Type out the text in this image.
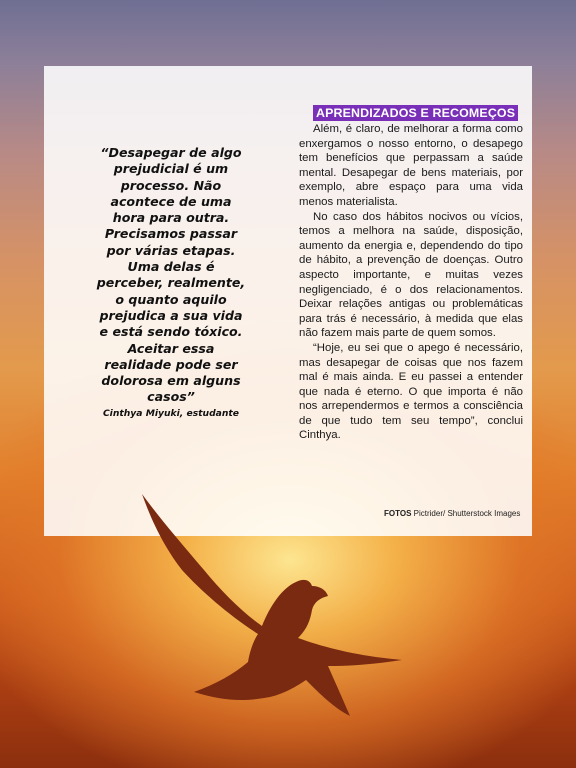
“Desapegar de algo prejudicial é um processo. Não acontece de uma hora para outra. Precisamos passar por várias etapas. Uma delas é perceber, realmente, o quanto aquilo prejudica a sua vida e está sendo tóxico. Aceitar essa realidade pode ser dolorosa em alguns casos”

Cinthya Miyuki, estudante

APRENDIZADOS E RECOMEÇOS

Além, é claro, de melhorar a forma como enxergamos o nosso entorno, o desapego tem benefícios que perpassam a saúde mental. Desapegar de bens materiais, por exemplo, abre espaço para uma vida menos materialista.

No caso dos hábitos nocivos ou vícios, temos a melhora na saúde, disposição, aumento da energia e, dependendo do tipo de hábito, a prevenção de doenças. Outro aspecto importante, e muitas vezes negligenciado, é o dos relacionamentos. Deixar relações antigas ou problemáticas para trás é necessário, à medida que elas não fazem mais parte de quem somos.

“Hoje, eu sei que o apego é necessário, mas desapegar de coisas que nos fazem mal é mais ainda. E eu passei a entender que nada é eterno. O que importa é não nos arrependermos e termos a consciência de que tudo tem seu tempo”, conclui Cinthya.

FOTOS Pictrider/ Shutterstock Images
